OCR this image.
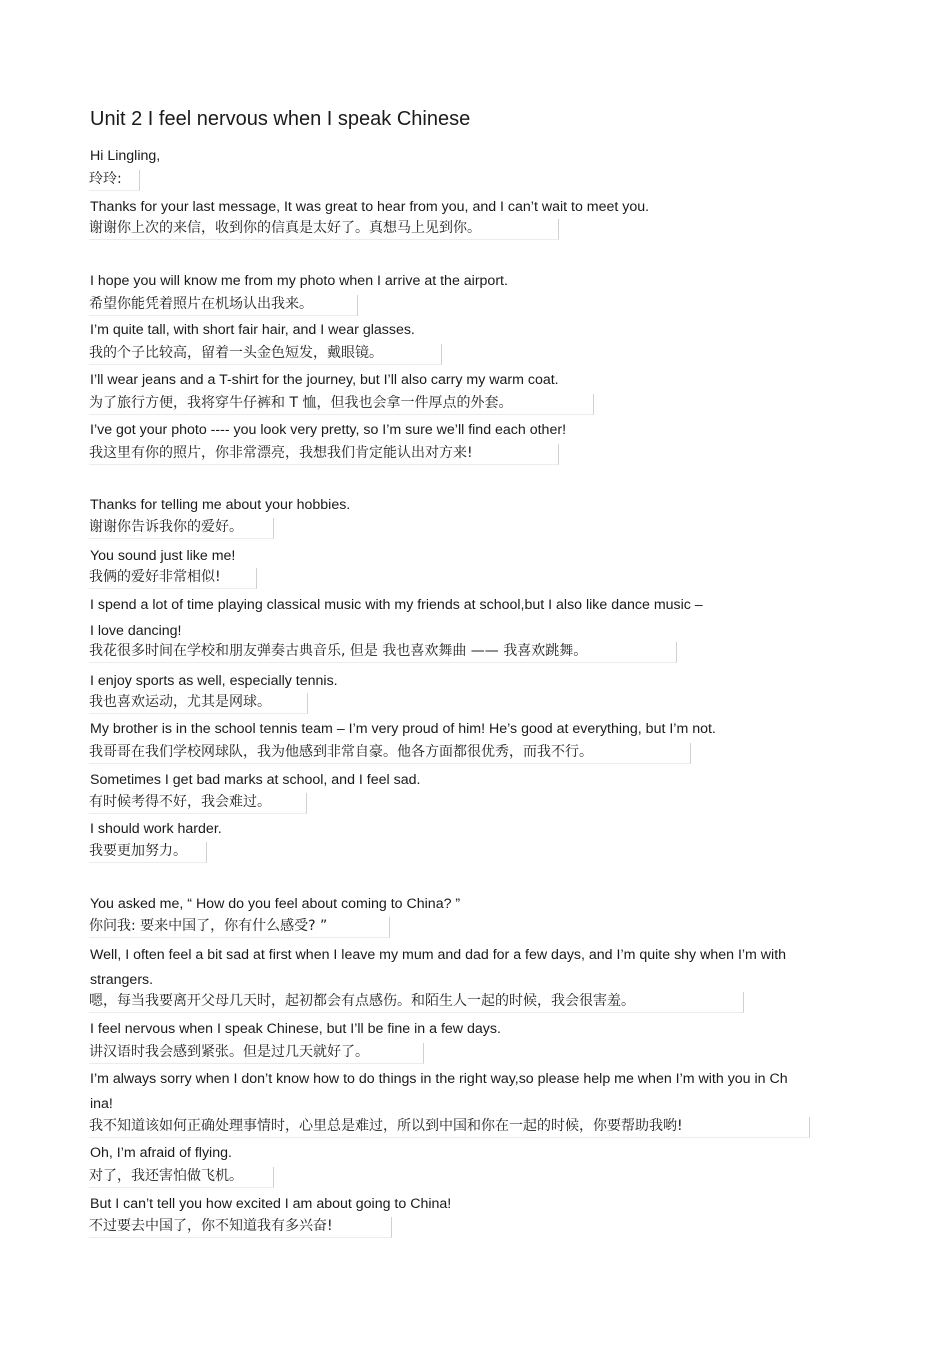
Unit 2 I feel nervous when I speak Chinese
Hi Lingling,
玲玲:
Thanks for your last message, It was great to hear from you, and I can’t wait to meet you.
谢谢你上次的来信，收到你的信真是太好了。真想马上见到你。
I hope you will know me from my photo when I arrive at the airport.
希望你能凭着照片在机场认出我来。
I’m quite tall, with short fair hair, and I wear glasses.
我的个子比较高，留着一头金色短发，戴眼镜。
I’ll wear jeans and a T-shirt for the journey, but I’ll also carry my warm coat.
为了旅行方便，我将穿牛仔裤和 T 恤，但我也会拿一件厚点的外套。
I’ve got your photo ---- you look very pretty, so I’m sure we’ll find each other!
我这里有你的照片，你非常漂亮，我想我们肯定能认出对方来!
Thanks for telling me about your hobbies.
谢谢你告诉我你的爱好。
You sound just like me!
我俩的爱好非常相似!
I spend a lot of time playing classical music with my friends at school,but I also like dance music –
I love dancing!
我花很多时间在学校和朋友弹奏古典音乐, 但是 我也喜欢舞曲 —— 我喜欢跳舞。
I enjoy sports as well, especially tennis.
我也喜欢运动，尤其是网球。
My brother is in the school tennis team – I’m very proud of him! He’s good at everything, but I’m not.
我哥哥在我们学校网球队，我为他感到非常自豪。他各方面都很优秀，而我不行。
Sometimes I get bad marks at school, and I feel sad.
有时候考得不好，我会难过。
I should work harder.
我要更加努力。
You asked me, “ How do you feel about coming to China? ”
你问我: 要来中国了，你有什么感受? ”
Well, I often feel a bit sad at first when I leave my mum and dad for a few days, and I’m quite shy when I’m with
strangers.
嗯，每当我要离开父母几天时，起初都会有点感伤。和陌生人一起的时候，我会很害羞。
I feel nervous when I speak Chinese, but I’ll be fine in a few days.
讲汉语时我会感到紧张。但是过几天就好了。
I’m always sorry when I don’t know how to do things in the right way,so please help me when I’m with you in Ch
ina!
我不知道该如何正确处理事情时，心里总是难过，所以到中国和你在一起的时候，你要帮助我哟!
Oh, I’m afraid of flying.
对了，我还害怕做飞机。
But I can’t tell you how excited I am about going to China!
不过要去中国了，你不知道我有多兴奋!
